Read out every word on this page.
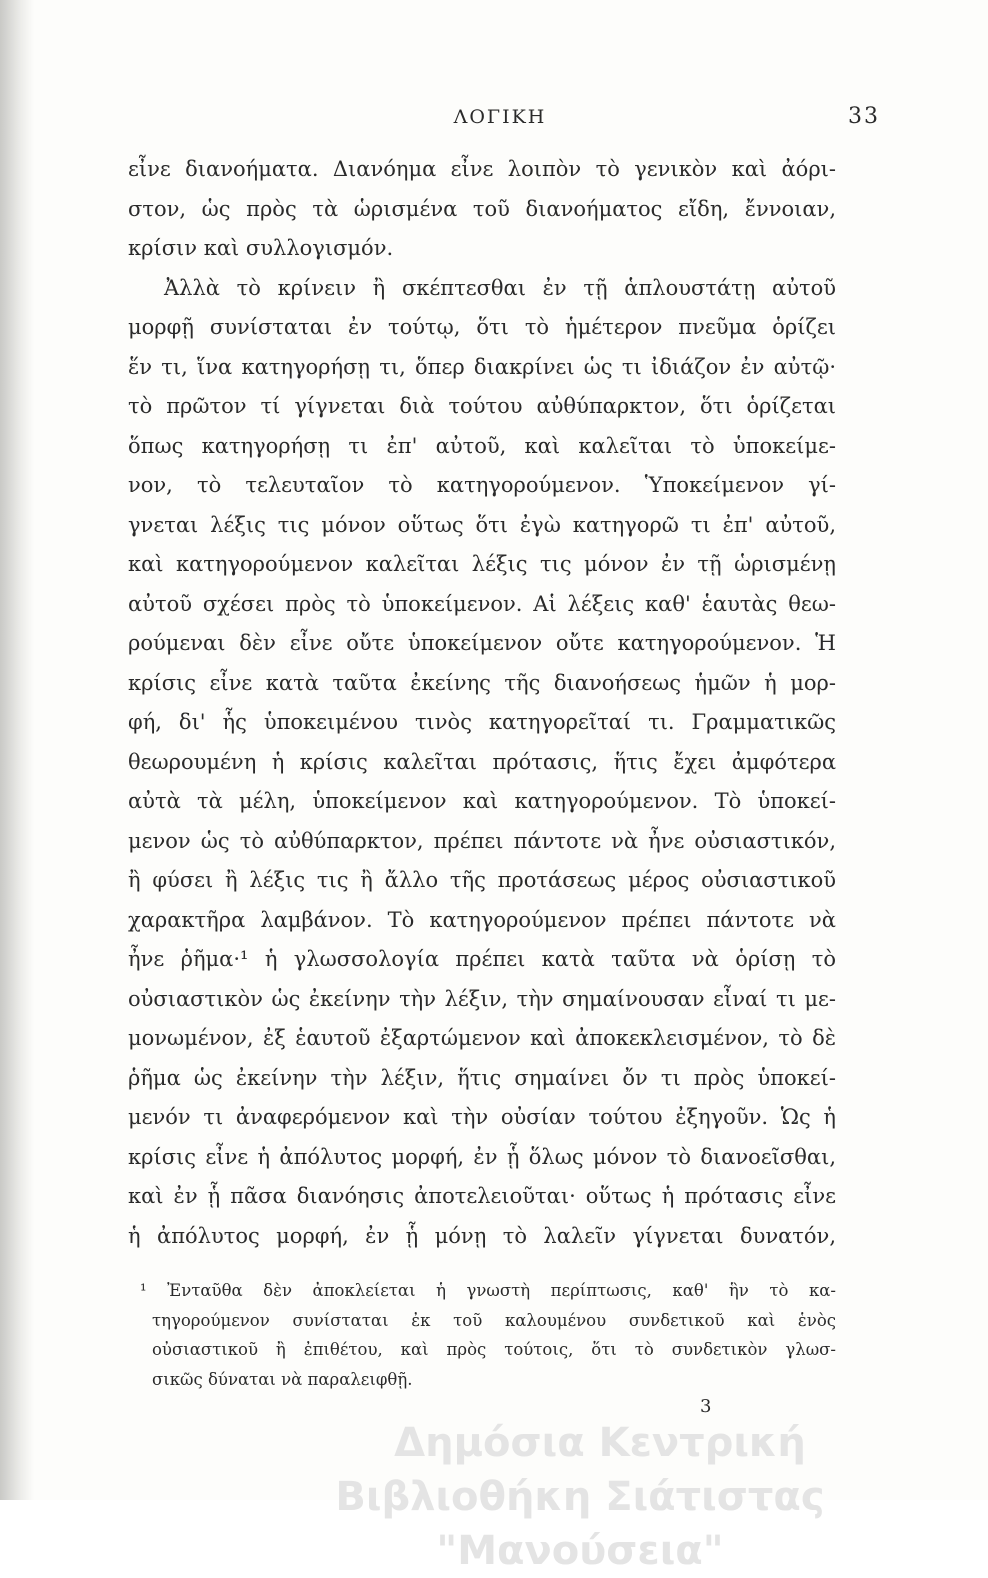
ΛΟΓΙΚΗ	33
εἶνε διανοήματα. Διανόημα εἶνε λοιπὸν τὸ γενικὸν καὶ ἀόρι-
στον, ὡς πρὸς τὰ ὡρισμένα τοῦ διανοήματος εἴδη, ἔννοιαν,
κρίσιν καὶ συλλογισμόν.
Ἀλλὰ τὸ κρίνειν ἢ σκέπτεσθαι ἐν τῇ ἁπλουστάτῃ αὐτοῦ
μορφῇ συνίσταται ἐν τούτῳ, ὅτι τὸ ἡμέτερον πνεῦμα ὁρίζει
ἕν τι, ἵνα κατηγορήσῃ τι, ὅπερ διακρίνει ὡς τι ἰδιάζον ἐν αὐτῷ·
τὸ πρῶτον τί γίγνεται διὰ τούτου αὐθύπαρκτον, ὅτι ὁρίζεται
ὅπως κατηγορήσῃ τι ἐπ' αὐτοῦ, καὶ καλεῖται τὸ ὑποκείμε-
νον, τὸ τελευταῖον τὸ κατηγορούμενον. Ὑποκείμενον γί-
γνεται λέξις τις μόνον οὕτως ὅτι ἐγὼ κατηγορῶ τι ἐπ' αὐτοῦ,
καὶ κατηγορούμενον καλεῖται λέξις τις μόνον ἐν τῇ ὡρισμένῃ
αὐτοῦ σχέσει πρὸς τὸ ὑποκείμενον. Αἱ λέξεις καθ' ἑαυτὰς θεω-
ρούμεναι δὲν εἶνε οὔτε ὑποκείμενον οὔτε κατηγορούμενον. Ἡ
κρίσις εἶνε κατὰ ταῦτα ἐκείνης τῆς διανοήσεως ἡμῶν ἡ μορ-
φή, δι' ἧς ὑποκειμένου τινὸς κατηγορεῖταί τι. Γραμματικῶς
θεωρουμένη ἡ κρίσις καλεῖται πρότασις, ἥτις ἔχει ἀμφότερα
αὐτὰ τὰ μέλη, ὑποκείμενον καὶ κατηγορούμενον. Τὸ ὑποκεί-
μενον ὡς τὸ αὐθύπαρκτον, πρέπει πάντοτε νὰ ἦνε οὐσιαστικόν,
ἢ φύσει ἢ λέξις τις ἢ ἄλλο τῆς προτάσεως μέρος οὐσιαστικοῦ
χαρακτῆρα λαμβάνον. Τὸ κατηγορούμενον πρέπει πάντοτε νὰ
ἦνε ῥῆμα·¹ ἡ γλωσσολογία πρέπει κατὰ ταῦτα νὰ ὁρίσῃ τὸ
οὐσιαστικὸν ὡς ἐκείνην τὴν λέξιν, τὴν σημαίνουσαν εἶναί τι με-
μονωμένον, ἐξ ἑαυτοῦ ἐξαρτώμενον καὶ ἀποκεκλεισμένον, τὸ δὲ
ῥῆμα ὡς ἐκείνην τὴν λέξιν, ἥτις σημαίνει ὄν τι πρὸς ὑποκεί-
μενόν τι ἀναφερόμενον καὶ τὴν οὐσίαν τούτου ἐξηγοῦν. Ὡς ἡ
κρίσις εἶνε ἡ ἀπόλυτος μορφή, ἐν ᾗ ὅλως μόνον τὸ διανοεῖσθαι,
καὶ ἐν ᾗ πᾶσα διανόησις ἀποτελειοῦται· οὕτως ἡ πρότασις εἶνε
ἡ ἀπόλυτος μορφή, ἐν ᾗ μόνῃ τὸ λαλεῖν γίγνεται δυνατόν,
¹ Ἐνταῦθα δὲν ἀποκλείεται ἡ γνωστὴ περίπτωσις, καθ' ἣν τὸ κα-
τηγορούμενον συνίσταται ἐκ τοῦ καλουμένου συνδετικοῦ καὶ ἑνὸς
οὐσιαστικοῦ ἢ ἐπιθέτου, καὶ πρὸς τούτοις, ὅτι τὸ συνδετικὸν γλωσ-
σικῶς δύναται νὰ παραλειφθῇ.
3
Δημόσια Κεντρική
Βιβλιοθήκη Σιάτιστας "Μανούσεια"
